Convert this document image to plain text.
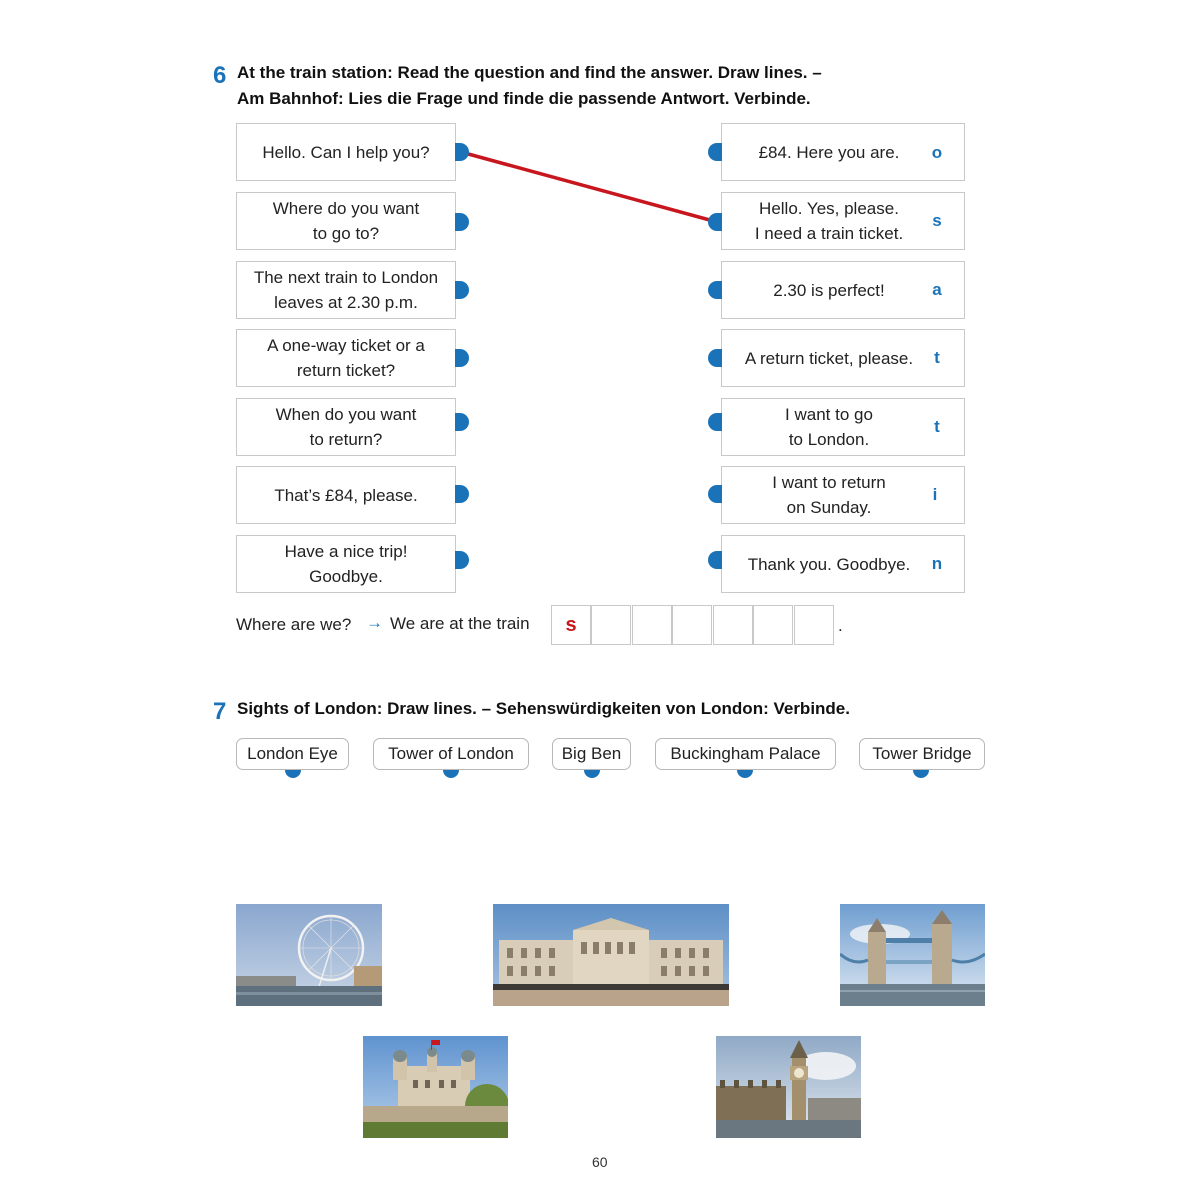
6 At the train station: Read the question and find the answer. Draw lines. –
Am Bahnhof: Lies die Frage und finde die passende Antwort. Verbinde.
Hello. Can I help you?
Where do you want
to go to?
The next train to London
leaves at 2.30 p.m.
A one-way ticket or a
return ticket?
When do you want
to return?
That’s £84, please.
Have a nice trip!
Goodbye.
£84. Here you are. o
Hello. Yes, please.
I need a train ticket.
s
2.30 is perfect!	a
A return ticket, please.	t
I want to go
to London.
t
I want to return
on Sunday.
i
Thank you. Goodbye. n
Where are we? → We are at the train	s	.
7 Sights of London: Draw lines. – Sehenswürdigkeiten von London: Verbinde.
London Eye	Tower of London	Big Ben	Buckingham Palace	Tower Bridge
60
